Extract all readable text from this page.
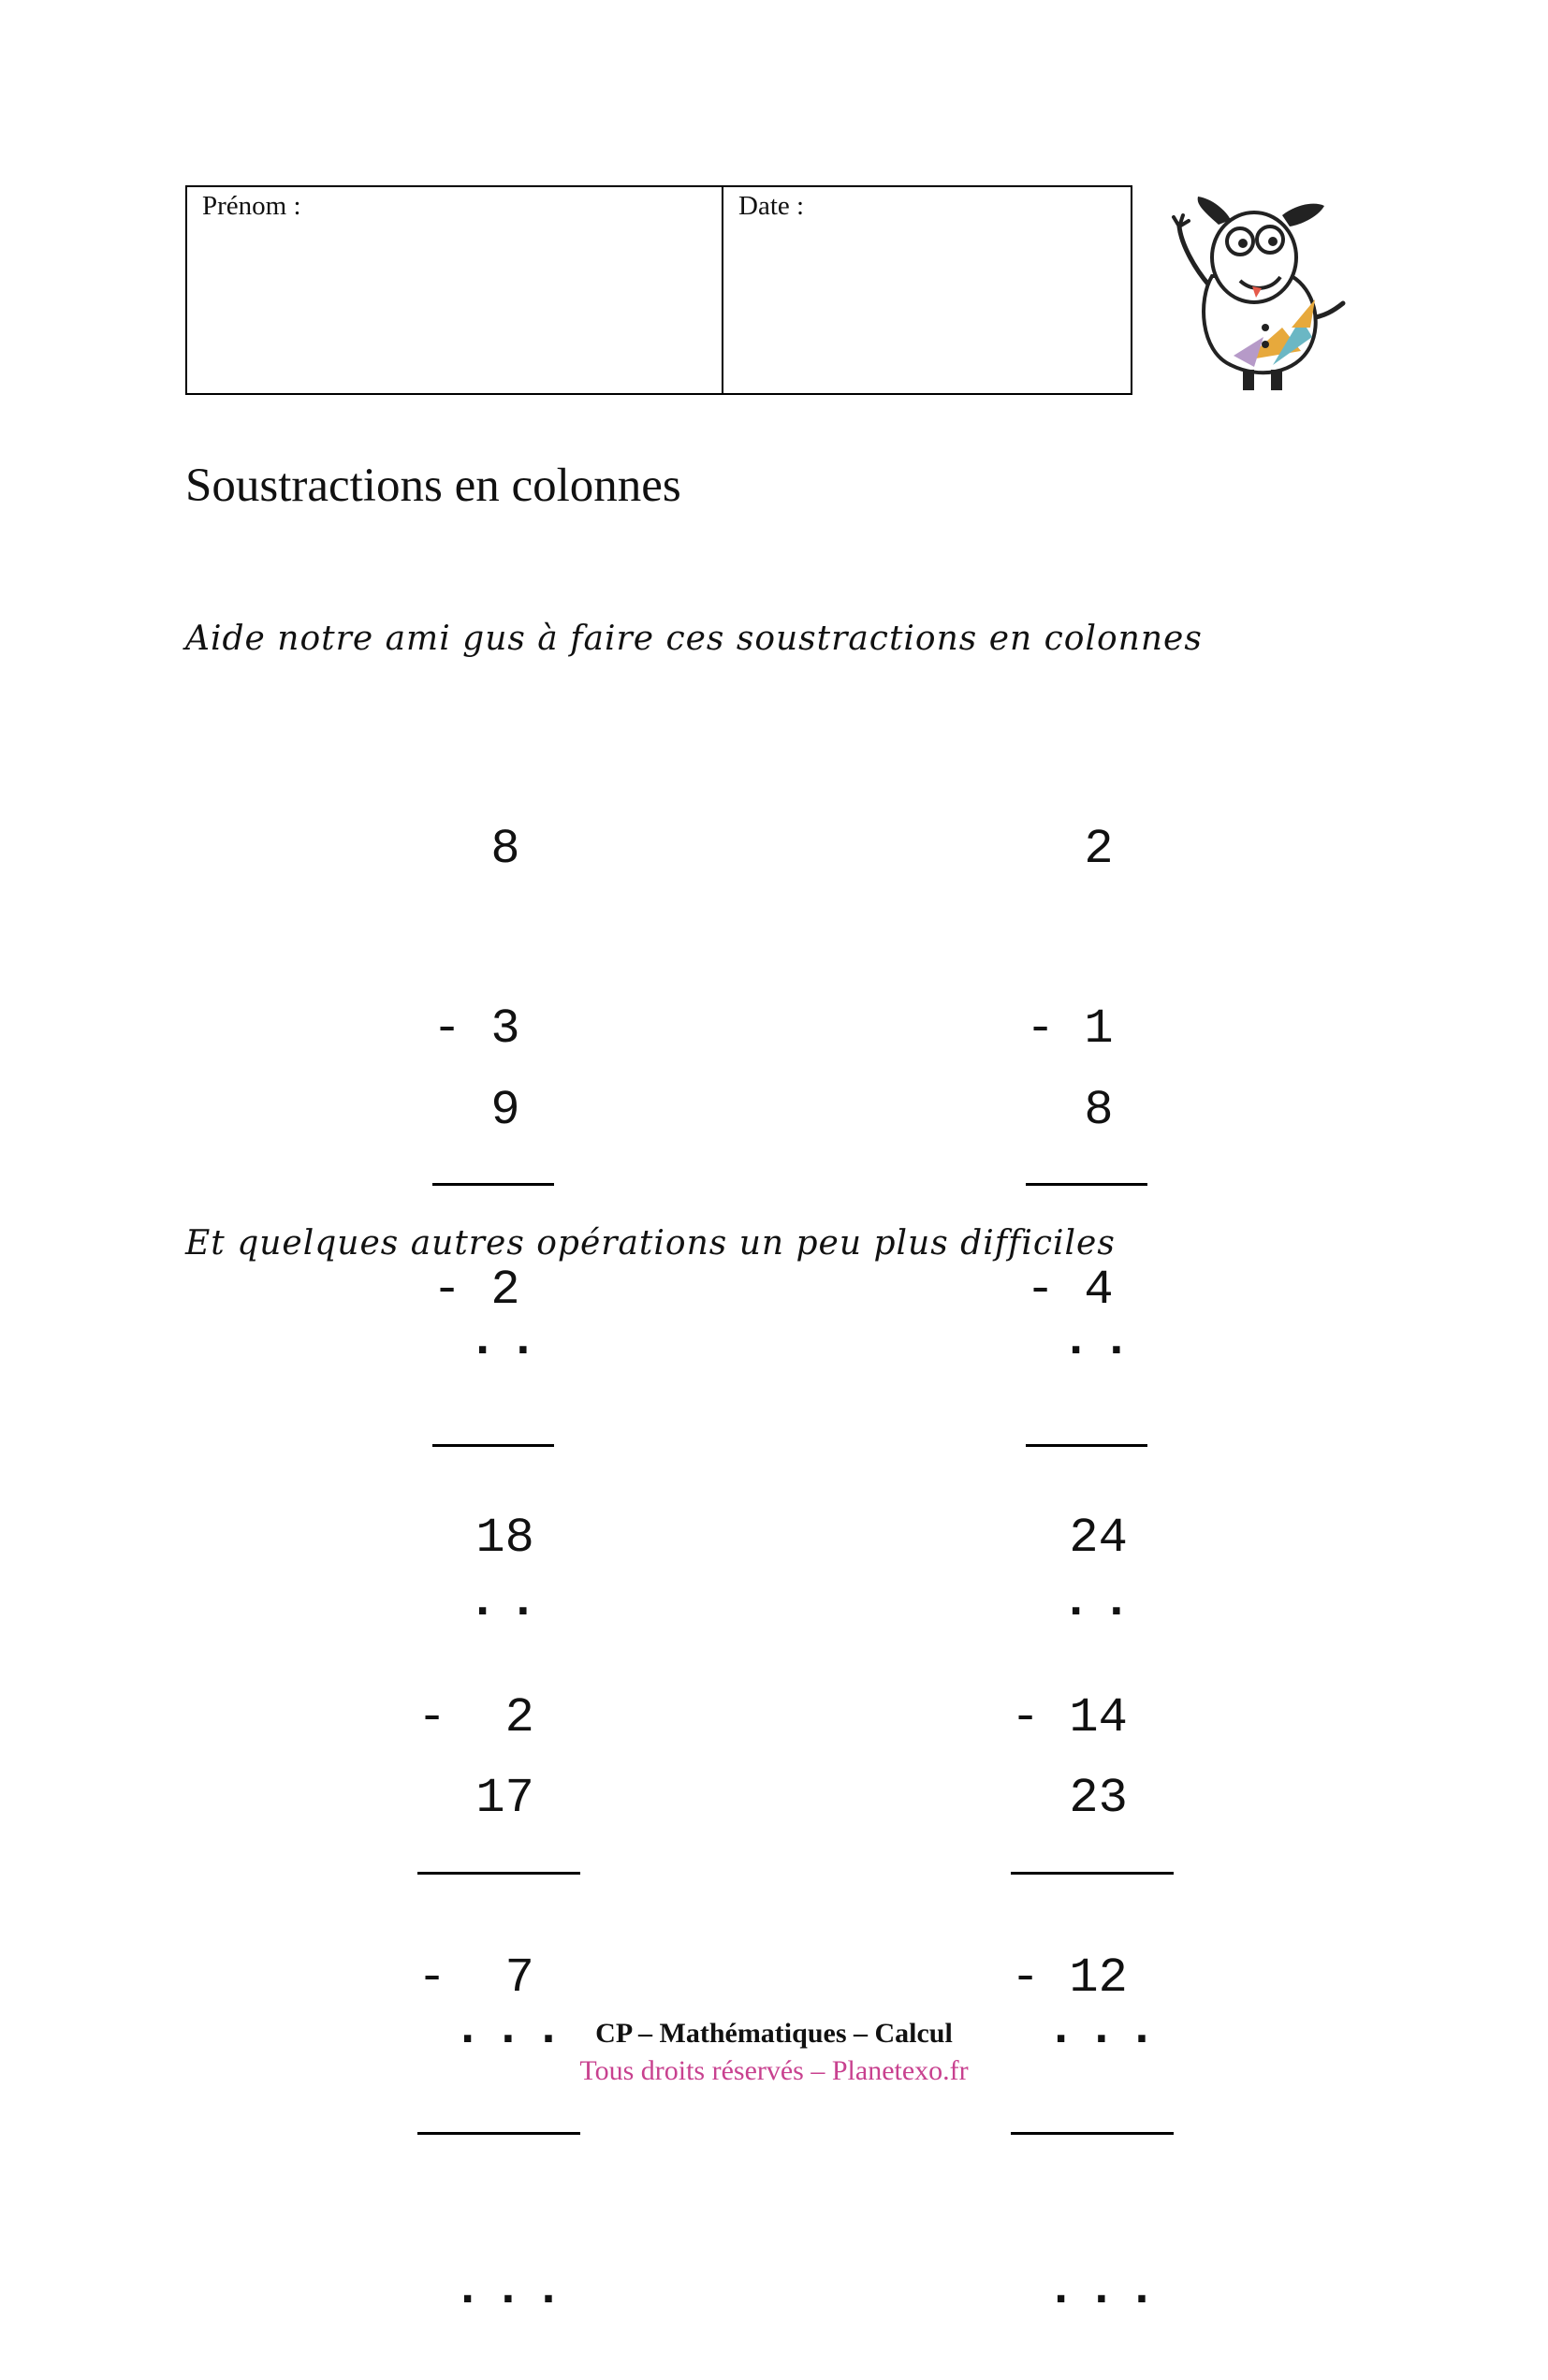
Prénom :	Date :
Soustractions en colonnes
Aide notre ami gus à faire ces soustractions en colonnes
Et quelques autres opérations un peu plus difficiles

8

- 3

..

2

- 1

..

9

- 2

..

8

- 4

..

18

-  2

...

24

- 14

...

17

-  7

...

23

- 12

...

CP – Mathématiques – Calcul
Tous droits réservés – Planetexo.fr
